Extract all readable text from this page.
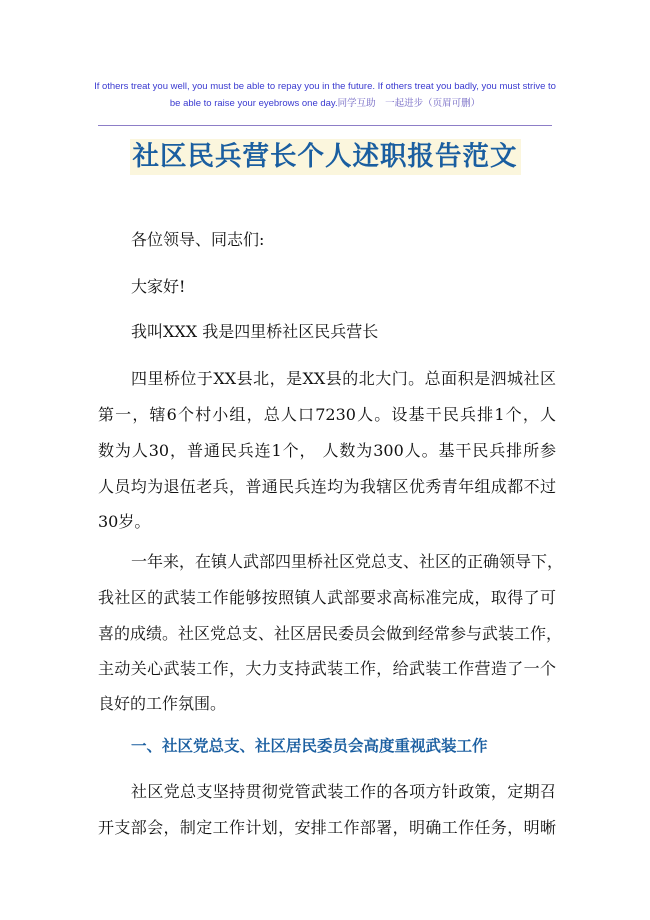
If others treat you well, you must be able to repay you in the future. If others treat you badly, you must strive to
be able to raise your eyebrows one day.同学互助　一起进步（页眉可删）
社区民兵营长个人述职报告范文
各位领导、同志们:
大家好!
我叫XXX 我是四里桥社区民兵营长
四里桥位于XX县北，是XX县的北大门。总面积是泗城社区
第一，辖6个村小组，总人口7230人。设基干民兵排1个，人
数为人30，普通民兵连1个， 人数为300人。基干民兵排所参
人员均为退伍老兵，普通民兵连均为我辖区优秀青年组成都不过
30岁。
一年来，在镇人武部四里桥社区党总支、社区的正确领导下，
我社区的武装工作能够按照镇人武部要求高标准完成，取得了可
喜的成绩。社区党总支、社区居民委员会做到经常参与武装工作，
主动关心武装工作，大力支持武装工作，给武装工作营造了一个
良好的工作氛围。
一、社区党总支、社区居民委员会高度重视武装工作
社区党总支坚持贯彻党管武装工作的各项方针政策，定期召
开支部会，制定工作计划，安排工作部署，明确工作任务，明晰
